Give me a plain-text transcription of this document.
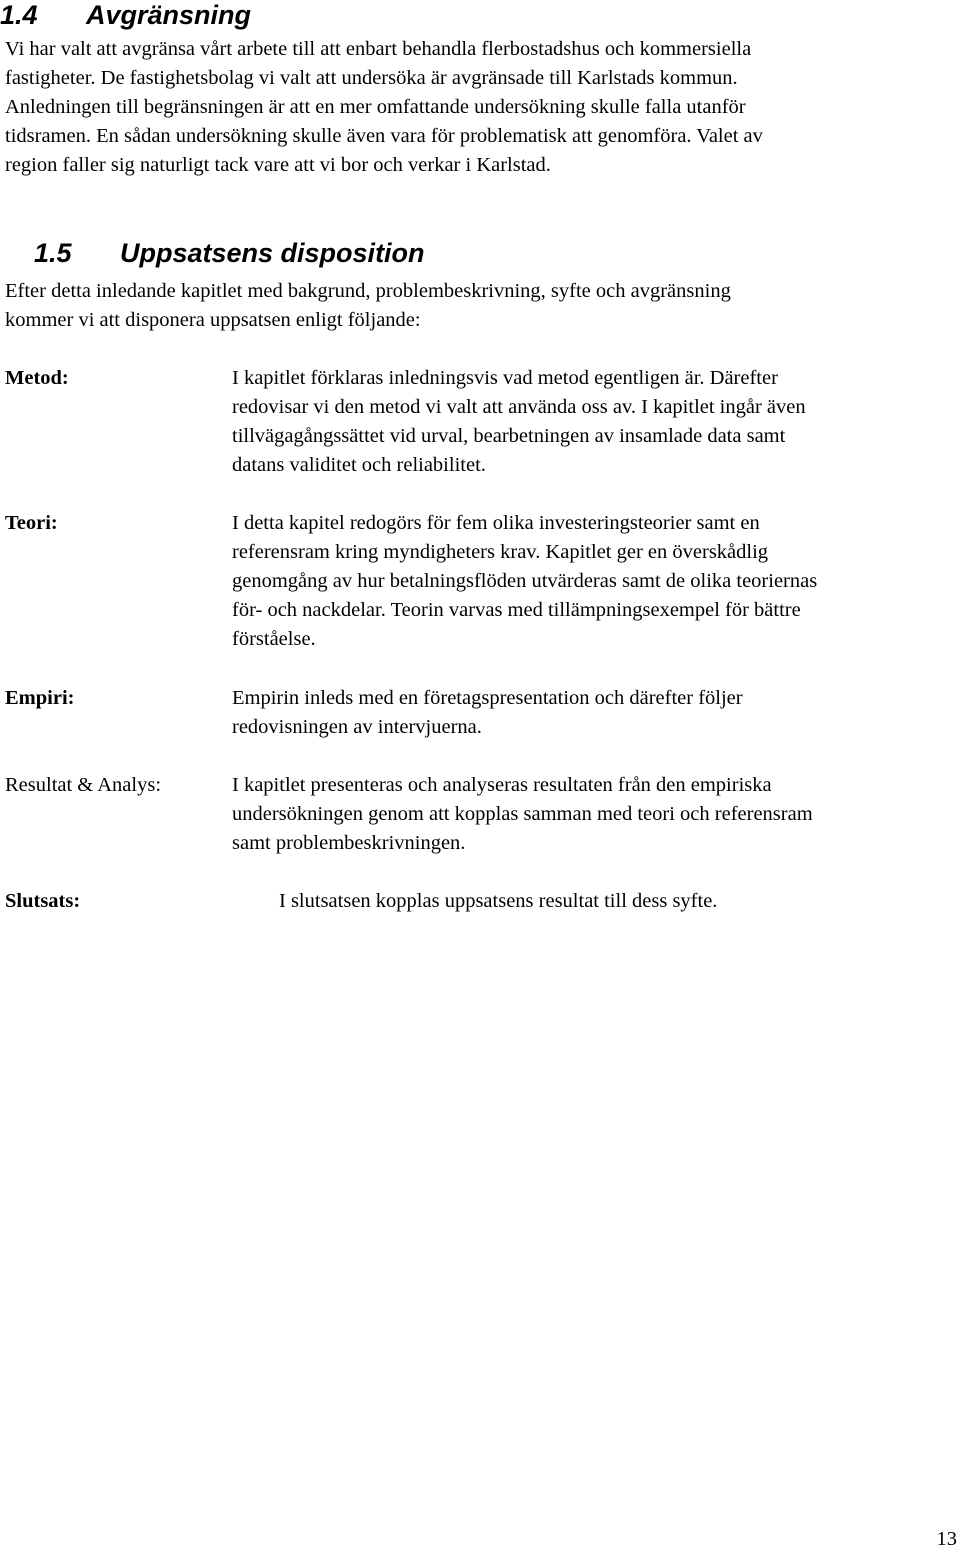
1.4 Avgränsning

Vi har valt att avgränsa vårt arbete till att enbart behandla flerbostadshus och kommersiella
fastigheter. De fastighetsbolag vi valt att undersöka är avgränsade till Karlstads kommun.
Anledningen till begränsningen är att en mer omfattande undersökning skulle falla utanför
tidsramen. En sådan undersökning skulle även vara för problematisk att genomföra. Valet av
region faller sig naturligt tack vare att vi bor och verkar i Karlstad.

1.5 Uppsatsens disposition

Efter detta inledande kapitlet med bakgrund, problembeskrivning, syfte och avgränsning
kommer vi att disponera uppsatsen enligt följande:

Metod:	I kapitlet förklaras inledningsvis vad metod egentligen är. Därefter
redovisar vi den metod vi valt att använda oss av. I kapitlet ingår även
tillvägagångssättet vid urval, bearbetningen av insamlade data samt
datans validitet och reliabilitet.

Teori:	I detta kapitel redogörs för fem olika investeringsteorier samt en
referensram kring myndigheters krav. Kapitlet ger en överskådlig
genomgång av hur betalningsflöden utvärderas samt de olika teoriernas
för- och nackdelar. Teorin varvas med tillämpningsexempel för bättre
förståelse.

Empiri:	Empirin inleds med en företagspresentation och därefter följer
redovisningen av intervjuerna.

Resultat & Analys:	I kapitlet presenteras och analyseras resultaten från den empiriska
undersökningen genom att kopplas samman med teori och referensram
samt problembeskrivningen.

Slutsats:	I slutsatsen kopplas uppsatsens resultat till dess syfte.

13
